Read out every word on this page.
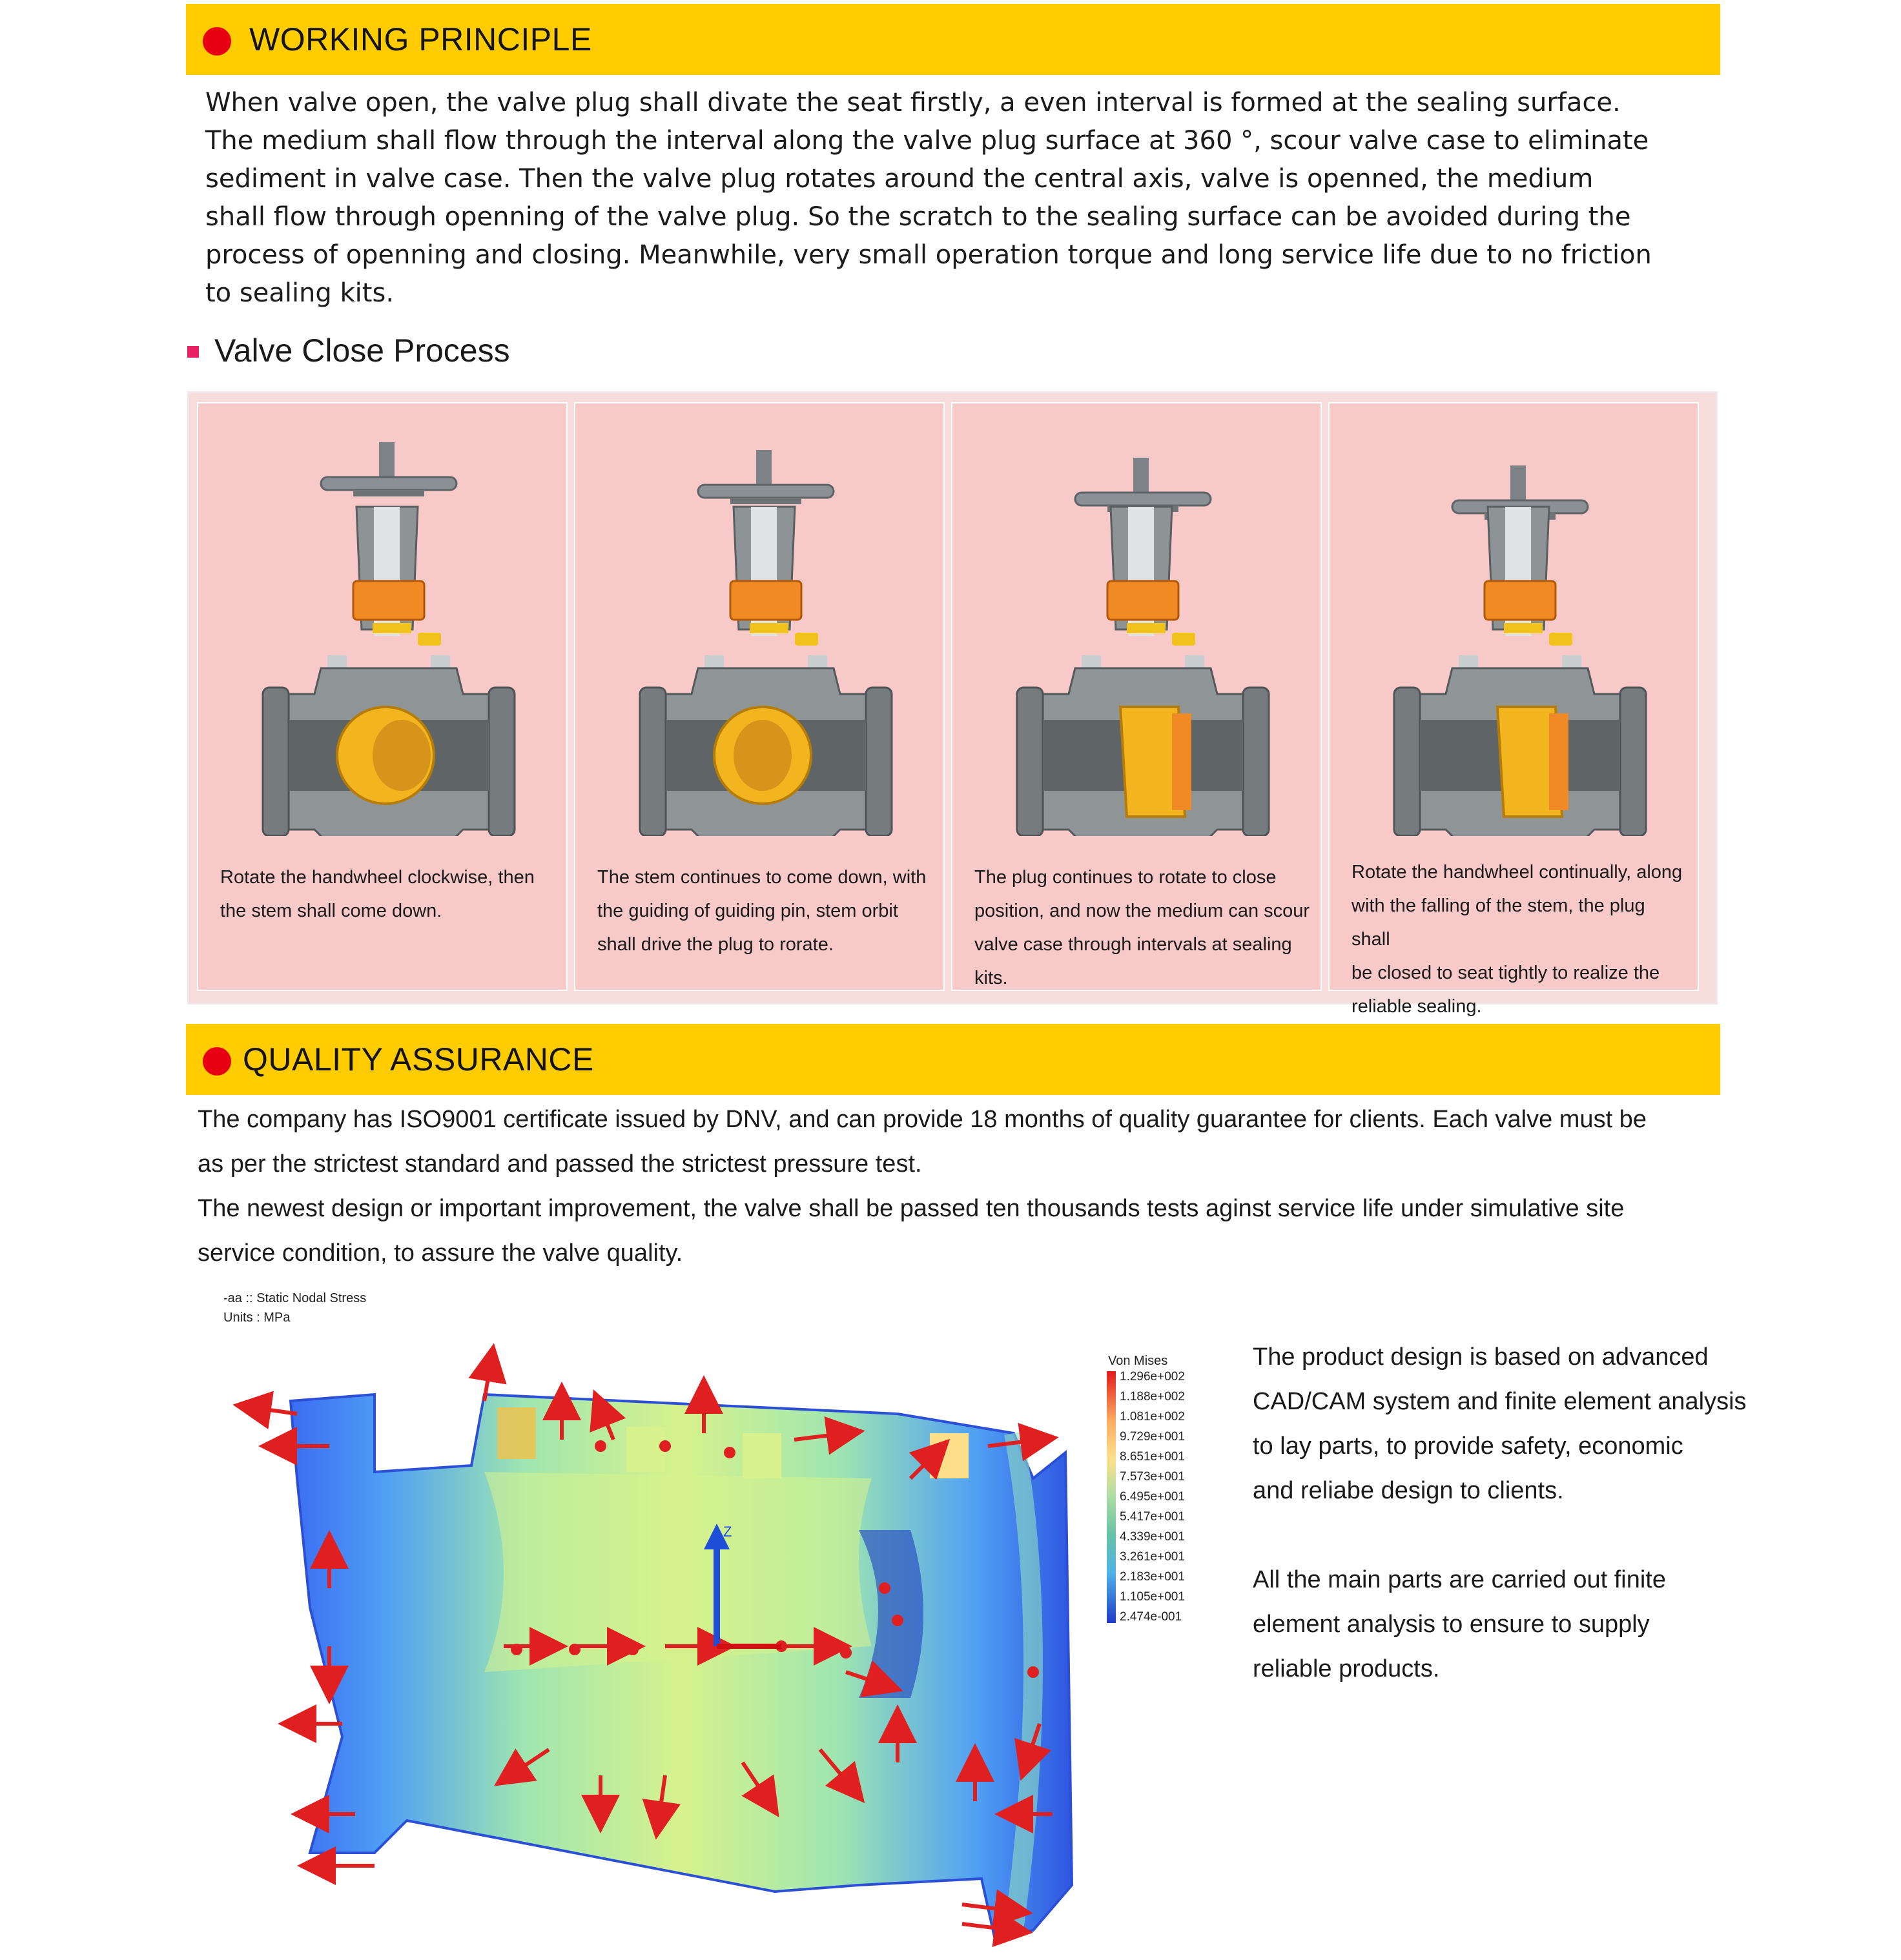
WORKING PRINCIPLE
When valve open, the valve plug shall divate the seat firstly, a even interval is formed at the sealing surface.
The medium shall flow through the interval along the valve plug surface at 360 °, scour valve case to eliminate
sediment in valve case. Then the valve plug rotates around the central axis, valve is openned, the medium
shall flow through openning of the valve plug. So the scratch to the sealing surface can be avoided during the
process of openning and closing. Meanwhile, very small operation torque and long service life due to no friction
to sealing kits.
Valve Close Process
Rotate the handwheel clockwise, then
the stem shall come down.
The stem continues to come down, with
the guiding of guiding pin, stem orbit
shall drive the plug to rorate.
The plug continues to rotate to close
position, and now the medium can scour
valve case through intervals at sealing
kits.
Rotate the handwheel continually, along
with the falling of the stem, the plug shall
be closed to seat tightly to realize the
reliable sealing.
QUALITY ASSURANCE
The company has ISO9001 certificate issued by DNV, and can provide 18 months of quality guarantee for clients. Each valve must be
as per the strictest standard and passed the strictest pressure test.
The newest design or important improvement, the valve shall be passed ten thousands tests aginst service life under simulative site
service condition, to assure the valve quality.
-aa :: Static Nodal Stress
Units : MPa
Z
Von Mises
1.296e+002
1.188e+002
1.081e+002
9.729e+001
8.651e+001
7.573e+001
6.495e+001
5.417e+001
4.339e+001
3.261e+001
2.183e+001
1.105e+001
2.474e-001
The product design is based on advanced
CAD/CAM system and finite element analysis
to lay parts, to provide safety, economic
and reliabe design to clients.
All the main parts are carried out finite
element analysis to ensure to supply
reliable products.
